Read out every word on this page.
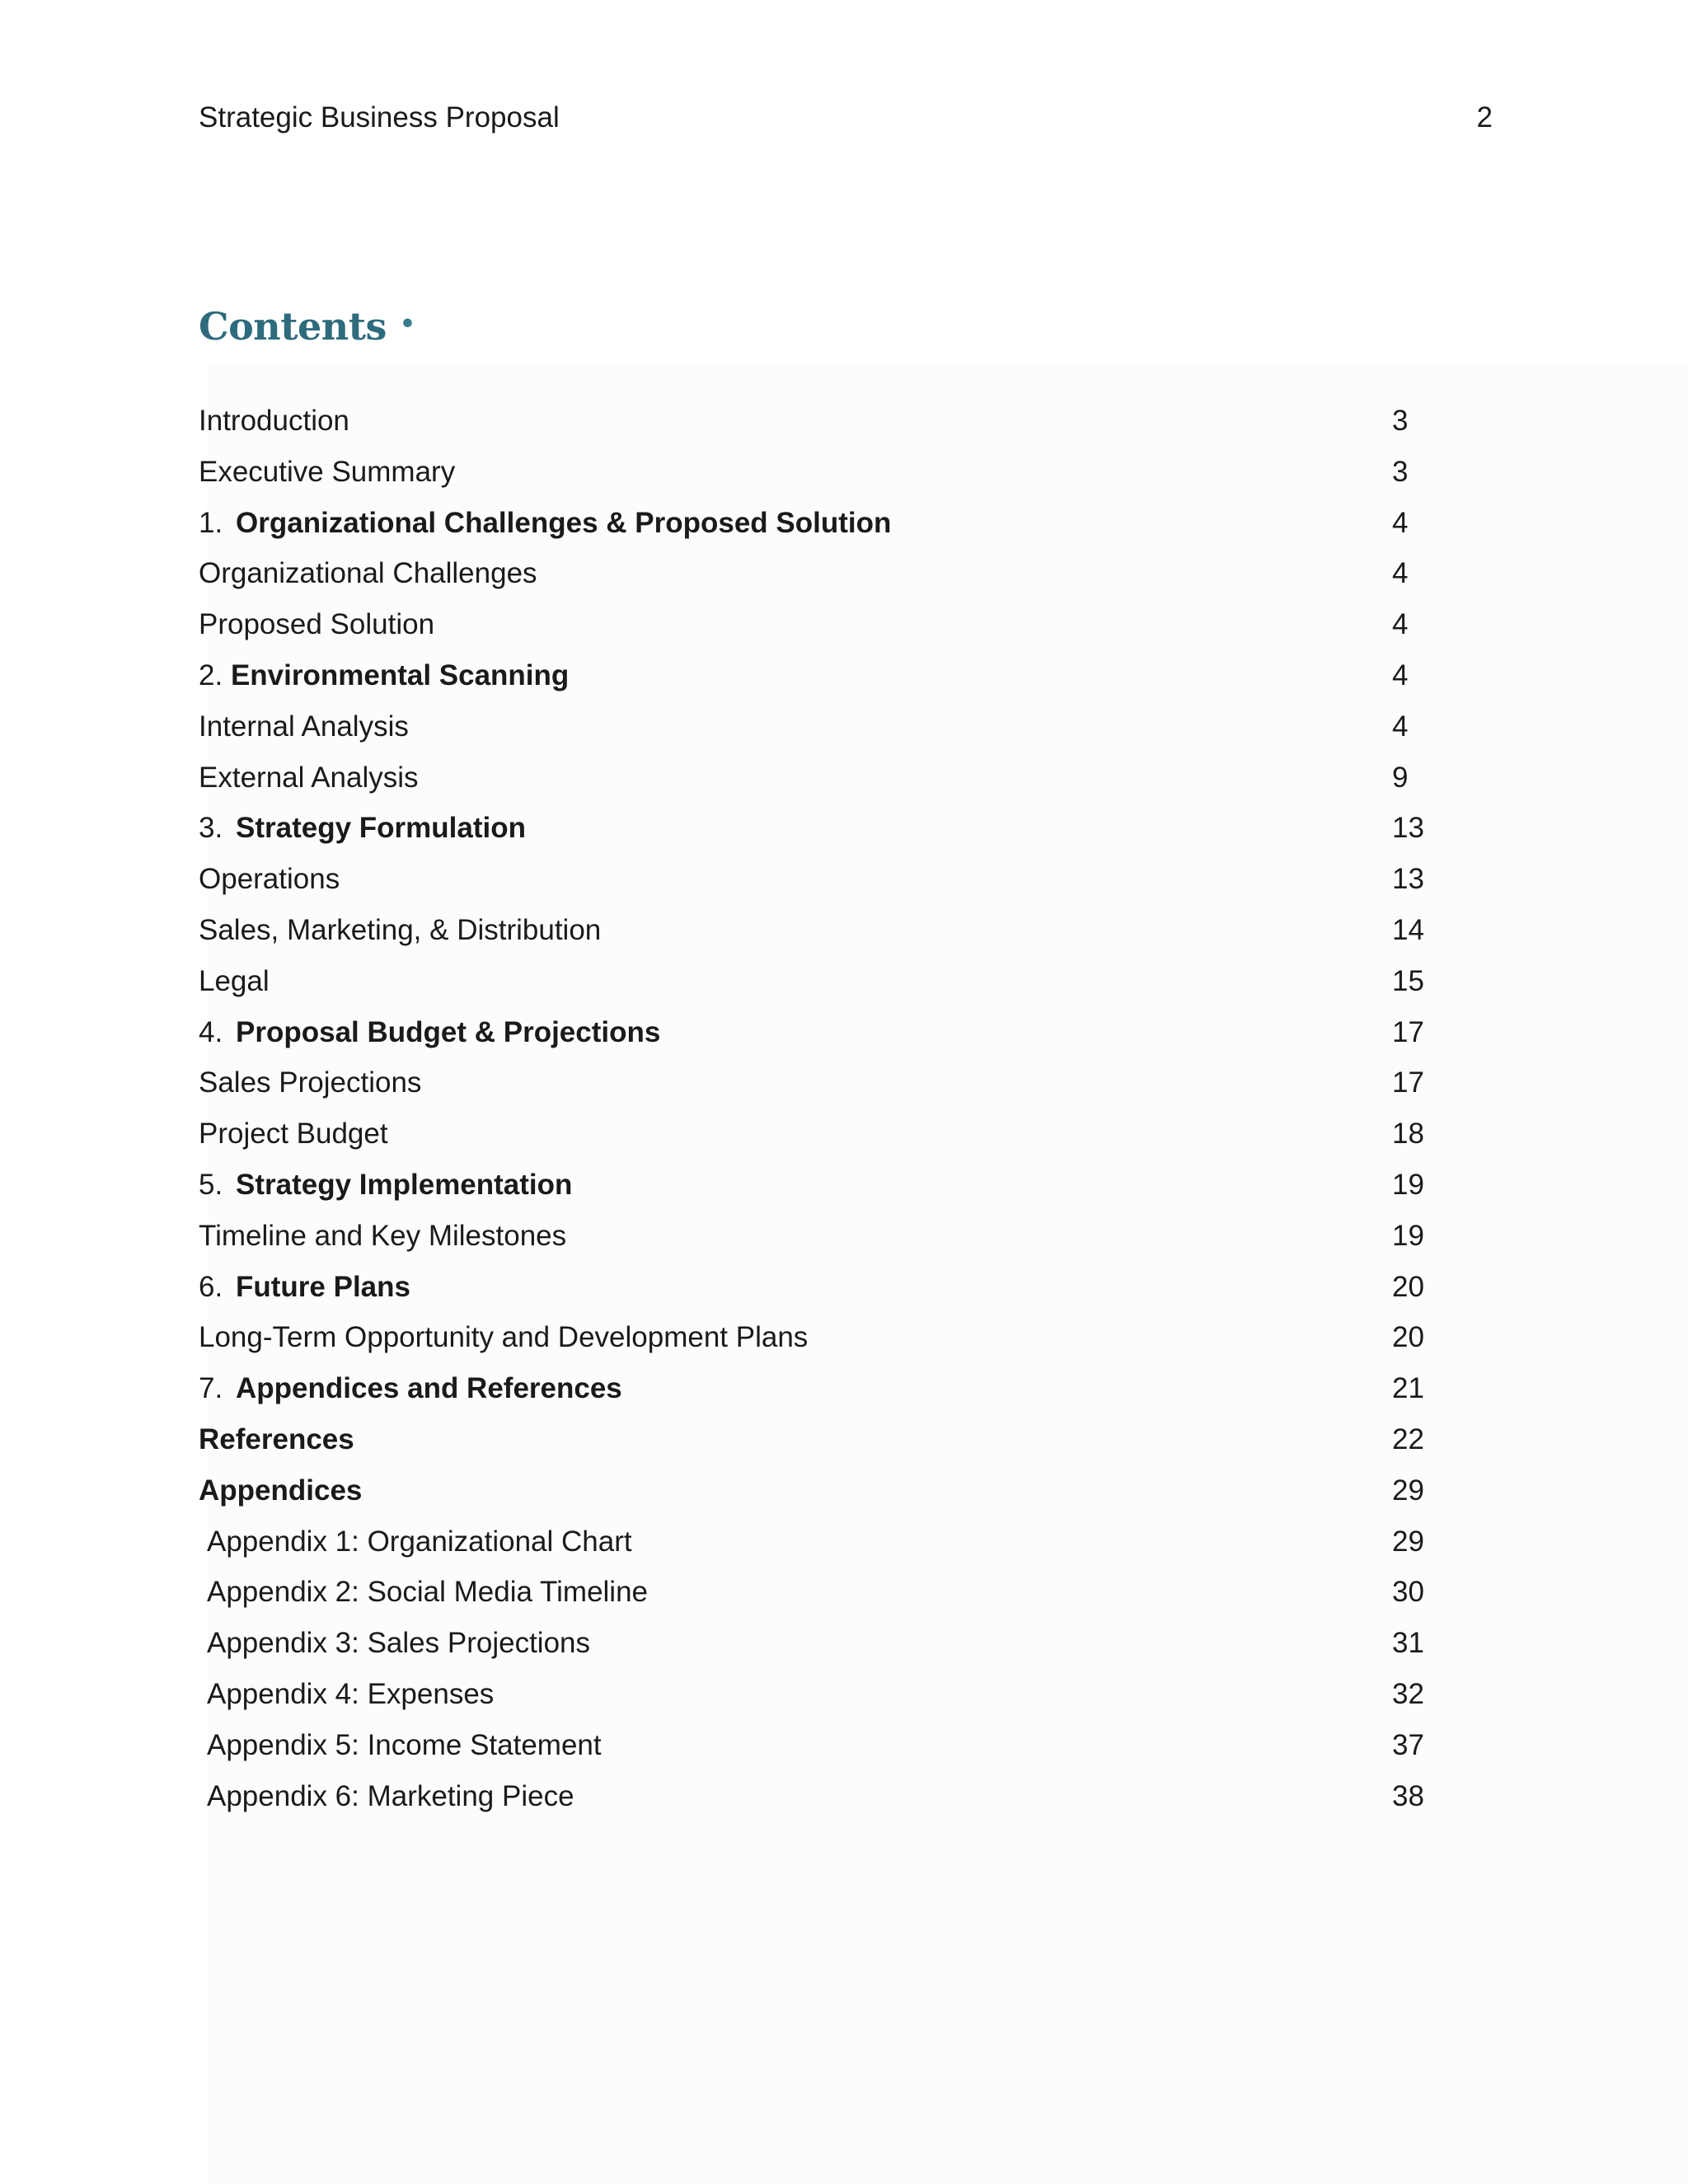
Strategic Business Proposal	2
Contents •
Introduction	3
Executive Summary	3
1. Organizational Challenges & Proposed Solution	4
Organizational Challenges	4
Proposed Solution	4
2. Environmental Scanning	4
Internal Analysis	4
External Analysis	9
3. Strategy Formulation	13
Operations	13
Sales, Marketing, & Distribution	14
Legal	15
4. Proposal Budget & Projections	17
Sales Projections	17
Project Budget	18
5. Strategy Implementation	19
Timeline and Key Milestones	19
6. Future Plans	20
Long-Term Opportunity and Development Plans	20
7. Appendices and References	21
References	22
Appendices	29
Appendix 1: Organizational Chart	29
Appendix 2: Social Media Timeline	30
Appendix 3: Sales Projections	31
Appendix 4: Expenses	32
Appendix 5: Income Statement	37
Appendix 6: Marketing Piece	38
